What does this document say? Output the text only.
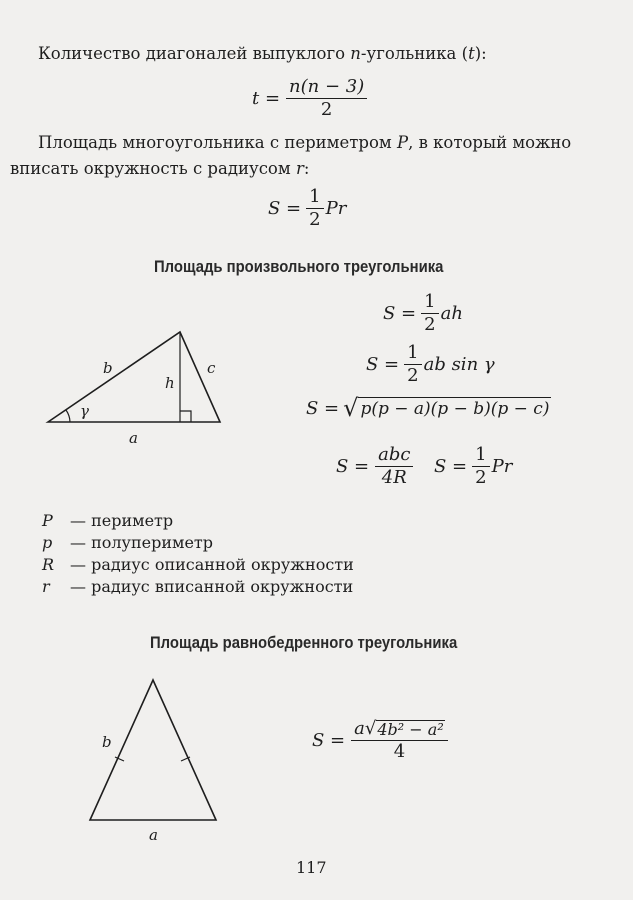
Количество диагоналей выпуклого n-угольника (t):
$t = \frac{n(n - 3)}{2}$
Площадь многоугольника с периметром P, в который можно
вписать окружность с радиусом r:
$S = \frac{1}{2}$ Pr
Площадь произвольного треугольника
b
h
c
γ
a
$S = \frac{1}{2}$ ah
$S = \frac{1}{2}$ ab sin γ
S = √ p(p − a)(p − b)(p − c)
$S = \frac{\text{abc}}{4R}$ $S = \frac{1}{2}$ Pr
P — периметр
p — полупериметр
R — радиус описанной окружности
r — радиус вписанной окружности
Площадь равнобедренного треугольника
b
a
$S = \frac{\text{a √ 4b² − a²}}{4}$
117
